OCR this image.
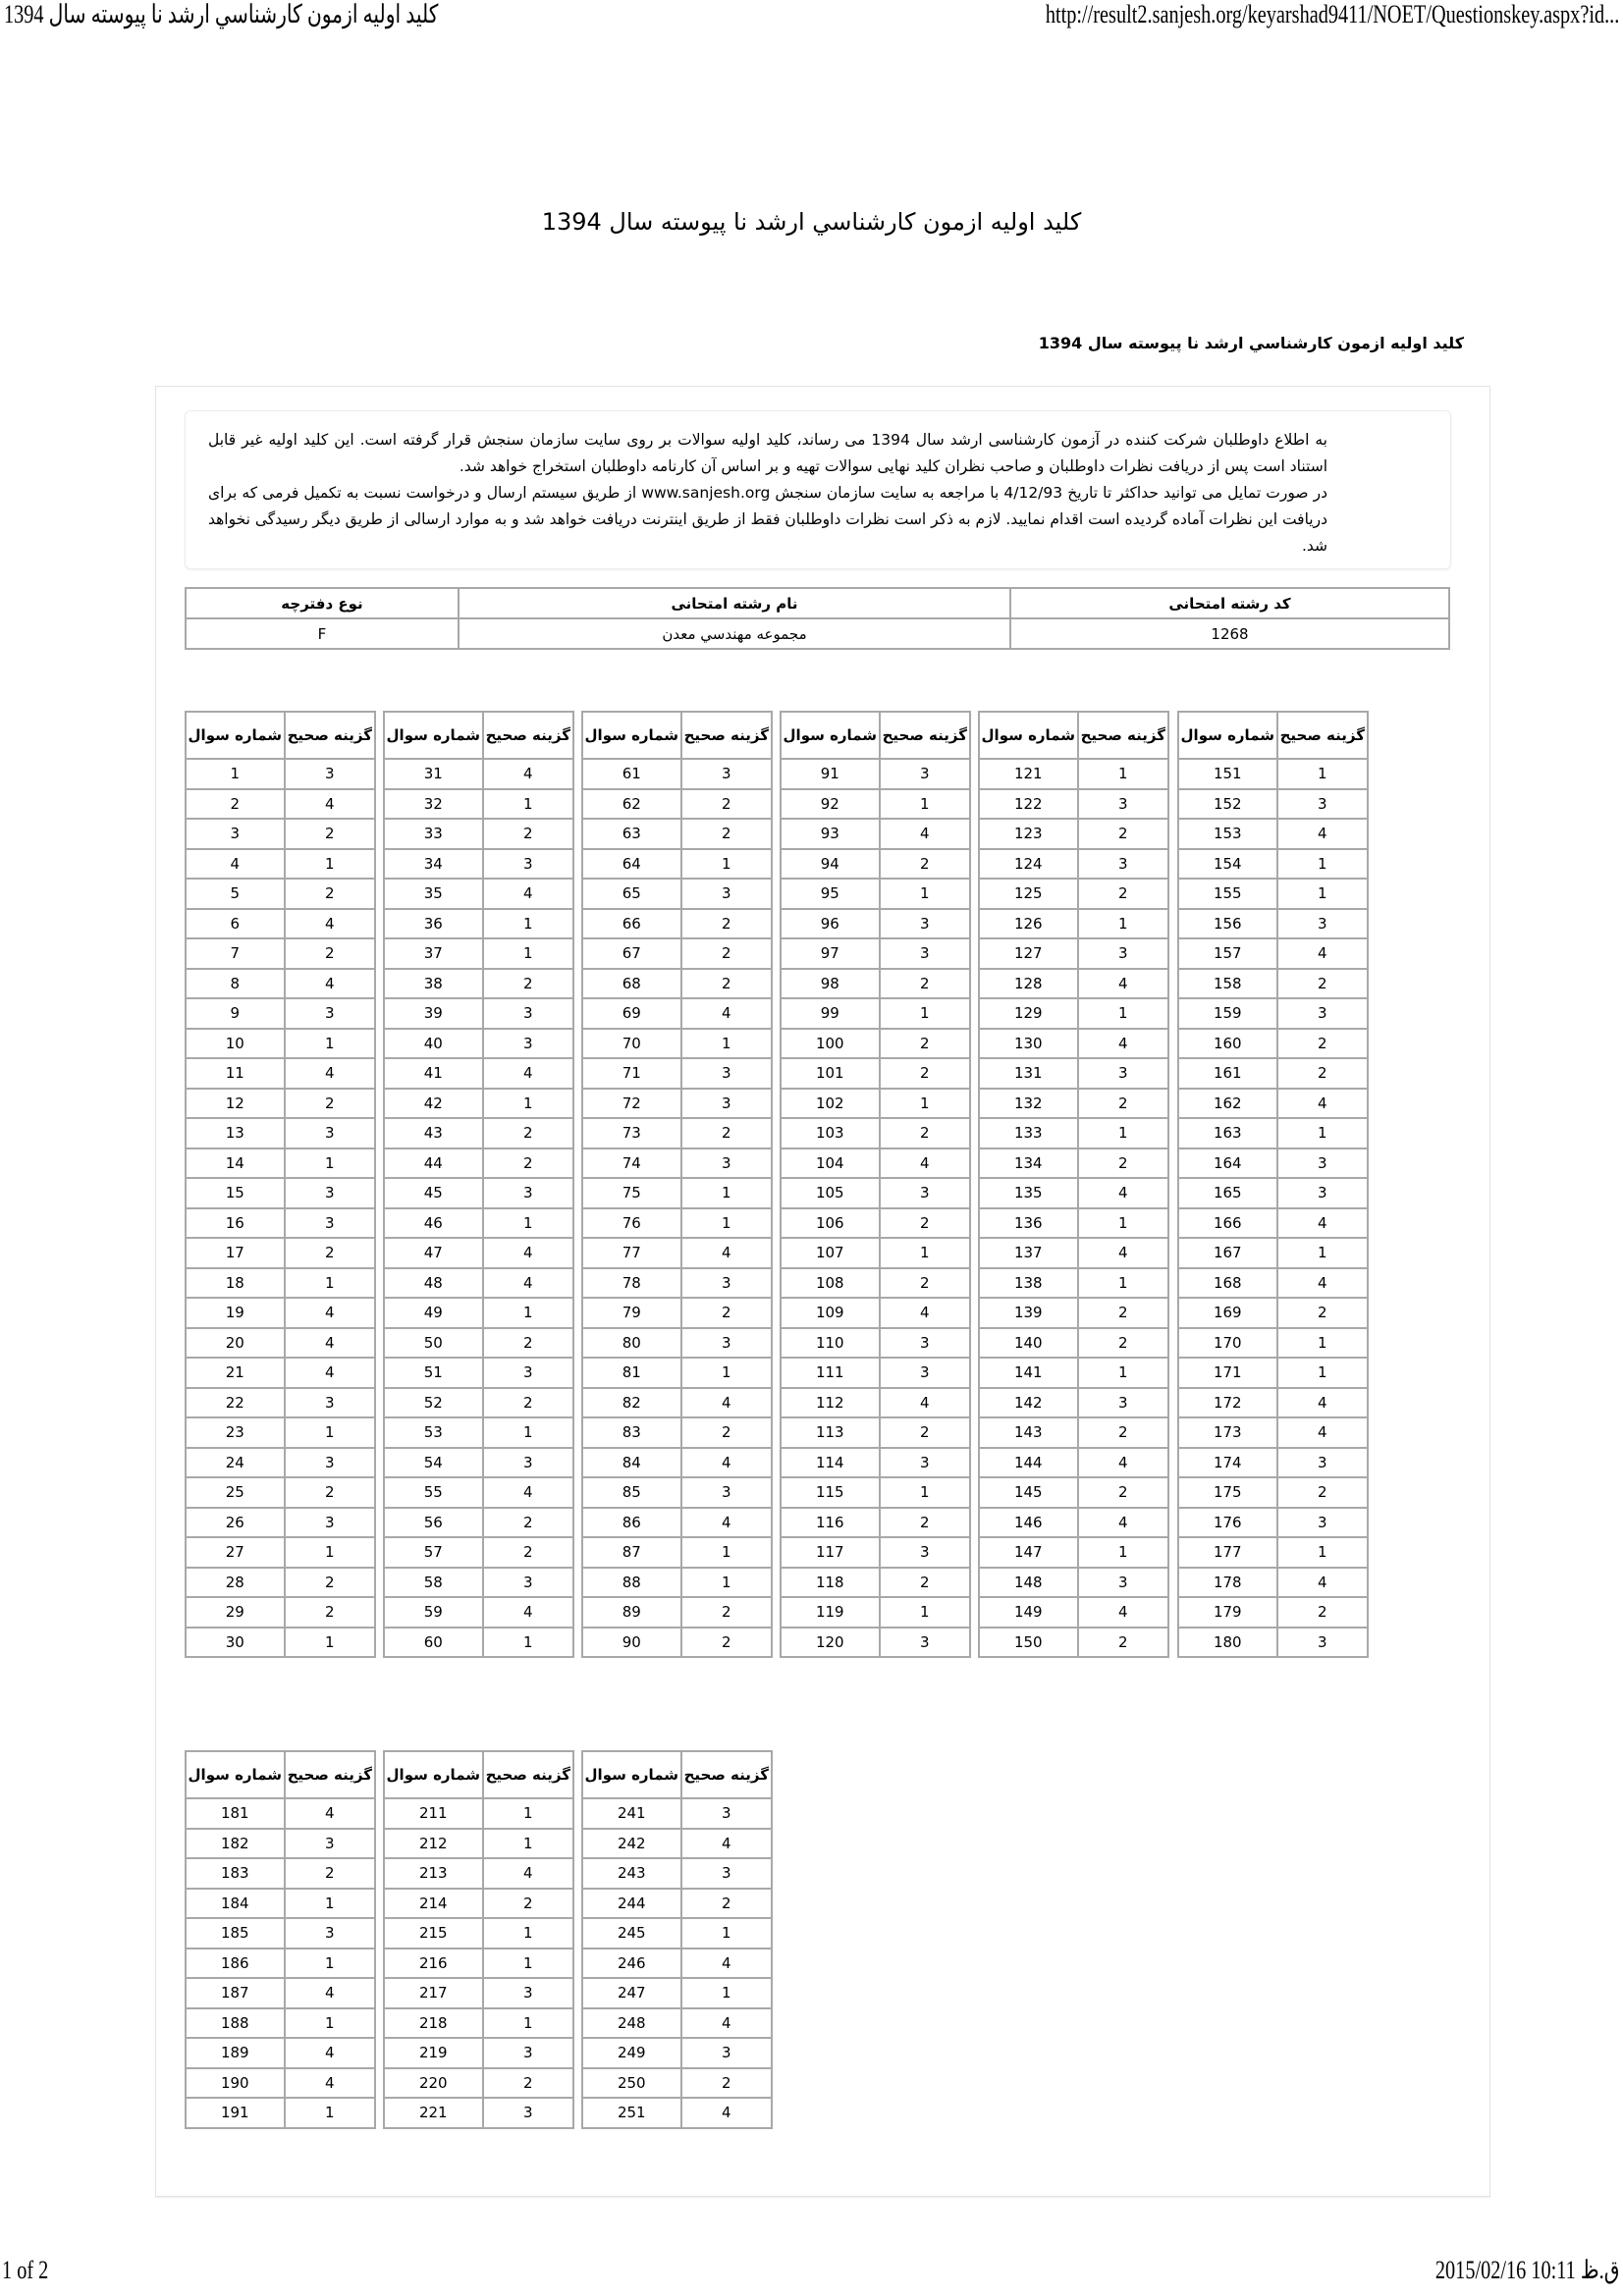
كليد اوليه ازمون كارشناسي ارشد نا پيوسته سال 1394	http://result2.sanjesh.org/keyarshad9411/NOET/Questionskey.aspx?id...
كليد اوليه ازمون كارشناسي ارشد نا پيوسته سال 1394
كليد اوليه ازمون كارشناسي ارشد نا پيوسته سال 1394

به اطلاع داوطلبان شرکت کننده در آزمون کارشناسی ارشد سال 1394 می رساند، کلید اولیه سوالات بر روی سایت سازمان سنجش قرار گرفته است. این کلید اولیه غیر قابل استناد است پس از دریافت نظرات داوطلبان و صاحب نظران کلید نهایی سوالات تهیه و بر اساس آن کارنامه داوطلبان استخراج خواهد شد.

در صورت تمایل می توانید حداکثر تا تاریخ 4/12/93 با مراجعه به سایت سازمان سنجش www.sanjesh.org از طریق سیستم ارسال و درخواست نسبت به تکمیل فرمی که برای دریافت این نظرات آماده گردیده است اقدام نمایید. لازم به ذکر است نظرات داوطلبان فقط از طریق اینترنت دریافت خواهد شد و به موارد ارسالی از طریق دیگر رسیدگی نخواهد شد.

کد رشته امتحانی	نام رشته امتحانی	نوع دفترچه
1268	مجموعه مهندسي معدن	F
شماره سوال	گزینه صحیح
1	3
2	4
3	2
4	1
5	2
6	4
7	2
8	4
9	3
10	1
11	4
12	2
13	3
14	1
15	3
16	3
17	2
18	1
19	4
20	4
21	4
22	3
23	1
24	3
25	2
26	3
27	1
28	2
29	2
30	1
شماره سوال	گزینه صحیح
31	4
32	1
33	2
34	3
35	4
36	1
37	1
38	2
39	3
40	3
41	4
42	1
43	2
44	2
45	3
46	1
47	4
48	4
49	1
50	2
51	3
52	2
53	1
54	3
55	4
56	2
57	2
58	3
59	4
60	1
شماره سوال	گزینه صحیح
61	3
62	2
63	2
64	1
65	3
66	2
67	2
68	2
69	4
70	1
71	3
72	3
73	2
74	3
75	1
76	1
77	4
78	3
79	2
80	3
81	1
82	4
83	2
84	4
85	3
86	4
87	1
88	1
89	2
90	2
شماره سوال	گزینه صحیح
91	3
92	1
93	4
94	2
95	1
96	3
97	3
98	2
99	1
100	2
101	2
102	1
103	2
104	4
105	3
106	2
107	1
108	2
109	4
110	3
111	3
112	4
113	2
114	3
115	1
116	2
117	3
118	2
119	1
120	3
شماره سوال	گزینه صحیح
121	1
122	3
123	2
124	3
125	2
126	1
127	3
128	4
129	1
130	4
131	3
132	2
133	1
134	2
135	4
136	1
137	4
138	1
139	2
140	2
141	1
142	3
143	2
144	4
145	2
146	4
147	1
148	3
149	4
150	2
شماره سوال	گزینه صحیح
151	1
152	3
153	4
154	1
155	1
156	3
157	4
158	2
159	3
160	2
161	2
162	4
163	1
164	3
165	3
166	4
167	1
168	4
169	2
170	1
171	1
172	4
173	4
174	3
175	2
176	3
177	1
178	4
179	2
180	3
شماره سوال	گزینه صحیح
181	4
182	3
183	2
184	1
185	3
186	1
187	4
188	1
189	4
190	4
191	1
شماره سوال	گزینه صحیح
211	1
212	1
213	4
214	2
215	1
216	1
217	3
218	1
219	3
220	2
221	3
شماره سوال	گزینه صحیح
241	3
242	4
243	3
244	2
245	1
246	4
247	1
248	4
249	3
250	2
251	4
1 of 2	ق.ظ 10:11 2015/02/16
